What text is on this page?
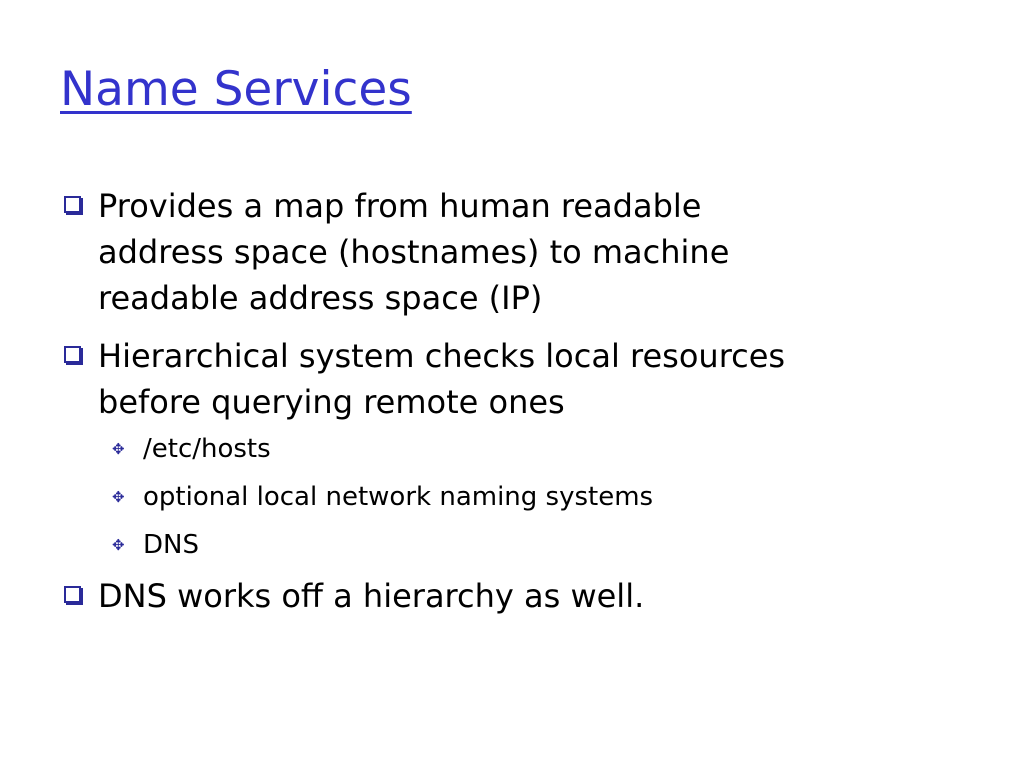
Name Services
Provides a map from human readable
address space (hostnames) to machine
readable address space (IP)
Hierarchical system checks local resources
before querying remote ones
✥ /etc/hosts
✥ optional local network naming systems
✥ DNS
DNS works off a hierarchy as well.
